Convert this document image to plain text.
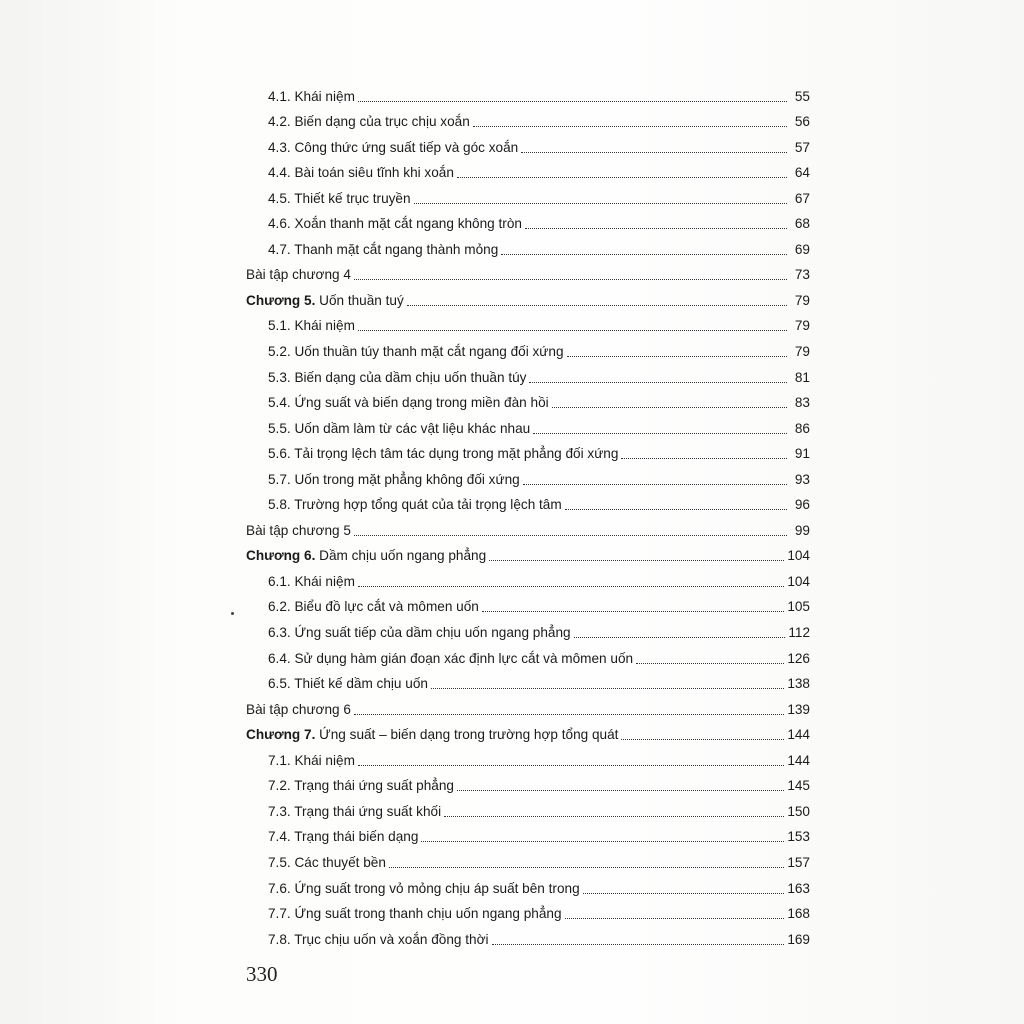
4.1. Khái niệm	55
4.2. Biến dạng của trục chịu xoắn	56
4.3. Công thức ứng suất tiếp và góc xoắn	57
4.4. Bài toán siêu tĩnh khi xoắn	64
4.5. Thiết kế trục truyền	67
4.6. Xoắn thanh mặt cắt ngang không tròn	68
4.7. Thanh mặt cắt ngang thành mỏng	69
Bài tập chương 4	73
Chương 5. Uốn thuần tuý	79
5.1. Khái niệm	79
5.2. Uốn thuần túy thanh mặt cắt ngang đối xứng	79
5.3. Biến dạng của dầm chịu uốn thuần túy	81
5.4. Ứng suất và biến dạng trong miền đàn hồi	83
5.5. Uốn dầm làm từ các vật liệu khác nhau	86
5.6. Tải trọng lệch tâm tác dụng trong mặt phẳng đối xứng	91
5.7. Uốn trong mặt phẳng không đối xứng	93
5.8. Trường hợp tổng quát của tải trọng lệch tâm	96
Bài tập chương 5	99
Chương 6. Dầm chịu uốn ngang phẳng	104
6.1. Khái niệm	104
6.2. Biểu đồ lực cắt và mômen uốn	105
6.3. Ứng suất tiếp của dầm chịu uốn ngang phẳng	112
6.4. Sử dụng hàm gián đoạn xác định lực cắt và mômen uốn	126
6.5. Thiết kế dầm chịu uốn	138
Bài tập chương 6	139
Chương 7. Ứng suất – biến dạng trong trường hợp tổng quát	144
7.1. Khái niệm	144
7.2. Trạng thái ứng suất phẳng	145
7.3. Trạng thái ứng suất khối	150
7.4. Trạng thái biến dạng	153
7.5. Các thuyết bền	157
7.6. Ứng suất trong vỏ mỏng chịu áp suất bên trong	163
7.7. Ứng suất trong thanh chịu uốn ngang phẳng	168
7.8. Trục chịu uốn và xoắn đồng thời	169
330
